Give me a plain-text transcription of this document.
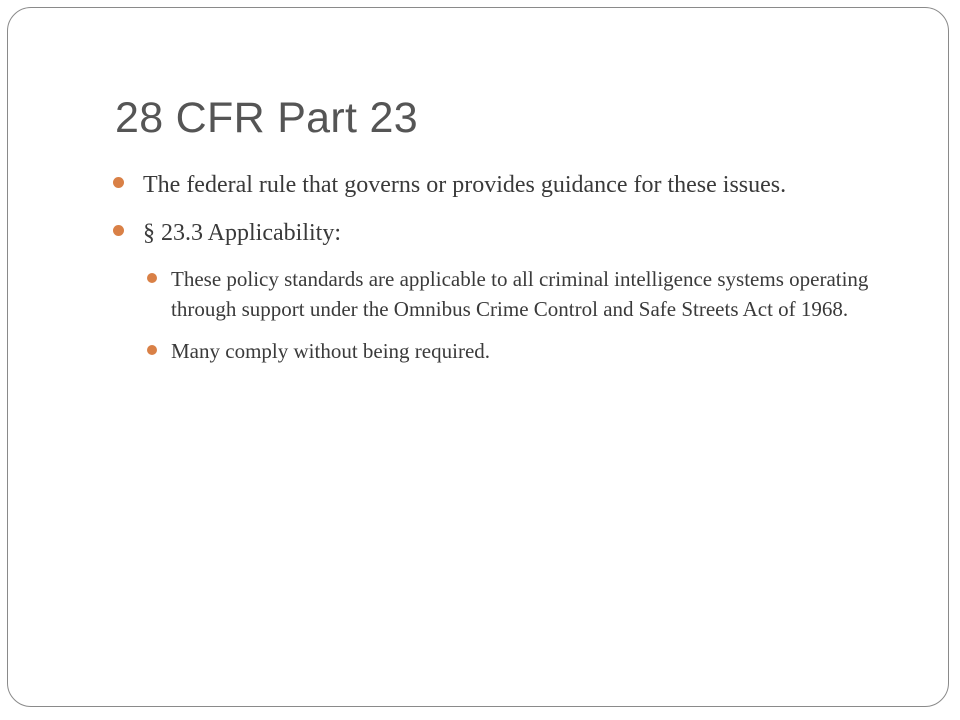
28 CFR Part 23
The federal rule that governs or provides guidance for these issues.
§ 23.3 Applicability:
These policy standards are applicable to all criminal intelligence systems operating through support under the Omnibus Crime Control and Safe Streets Act of 1968.
Many comply without being required.
